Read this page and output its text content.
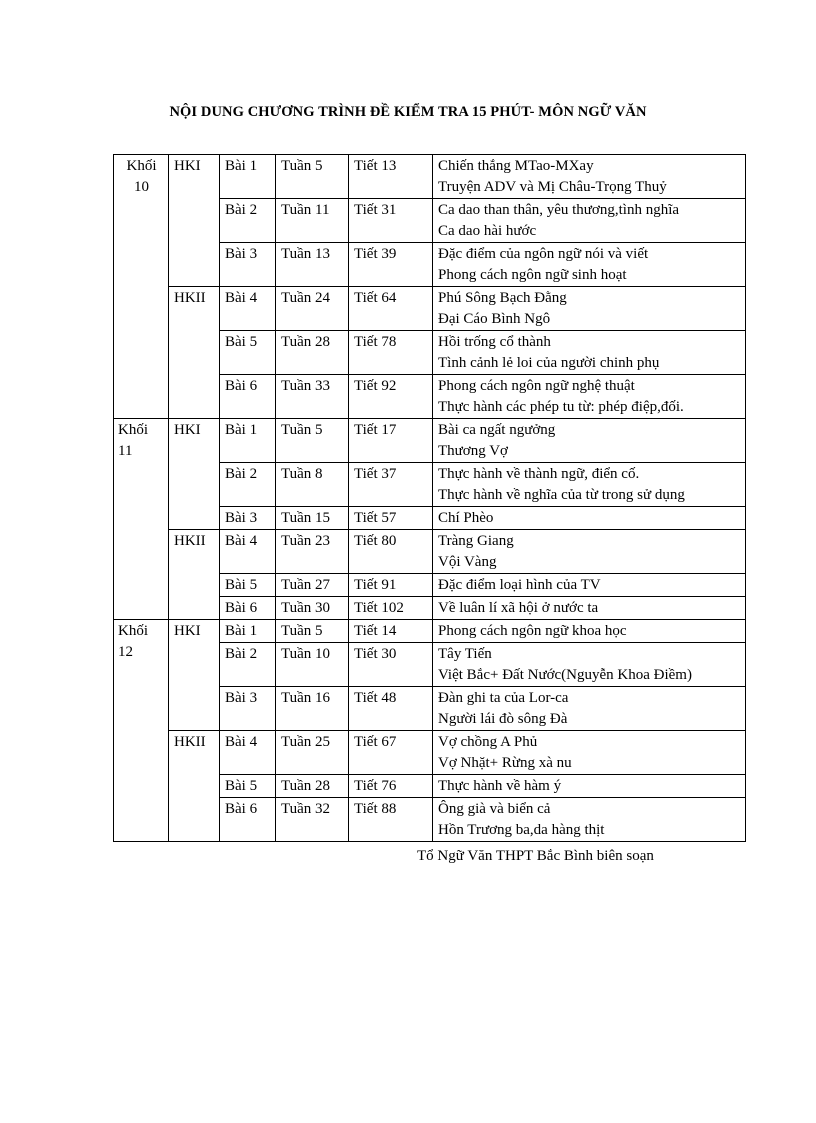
NỘI DUNG CHƯƠNG TRÌNH ĐỀ KIỂM TRA 15 PHÚT- MÔN NGỮ VĂN
Khối 10	HKI	Bài 1	Tuần 5	Tiết 13	Chiến thắng MTao-MXay
Truyện ADV và Mị Châu-Trọng Thuỷ

		Bài 2	Tuần 11	Tiết 31	Ca dao than thân, yêu thương,tình nghĩa
Ca dao hài hước

		Bài 3	Tuần 13	Tiết 39	Đặc điểm của ngôn ngữ nói và viết
Phong cách ngôn ngữ sinh hoạt

	HKII	Bài 4	Tuần 24	Tiết 64	Phú Sông Bạch Đằng
Đại Cáo Bình Ngô

		Bài 5	Tuần 28	Tiết 78	Hồi trống cổ thành
Tình cảnh lẻ loi của người chinh phụ

		Bài 6	Tuần 33	Tiết 92	Phong cách ngôn ngữ nghệ thuật
Thực hành các phép tu từ: phép điệp,đối.

Khối 11	HKI	Bài 1	Tuần 5	Tiết 17	Bài ca ngất ngưởng
Thương Vợ

		Bài 2	Tuần 8	Tiết 37	Thực hành về thành ngữ, điển cố.
Thực hành về nghĩa của từ trong sử dụng

		Bài 3	Tuần 15	Tiết 57	Chí Phèo

	HKII	Bài 4	Tuần 23	Tiết 80	Tràng Giang
Vội Vàng

		Bài 5	Tuần 27	Tiết 91	Đặc điểm loại hình của TV

		Bài 6	Tuần 30	Tiết 102	Về luân lí xã hội ở nước ta

Khối 12	HKI	Bài 1	Tuần 5	Tiết 14	Phong cách ngôn ngữ khoa học

		Bài 2	Tuần 10	Tiết 30	Tây Tiến
Việt Bắc+ Đất Nước(Nguyễn Khoa Điềm)

		Bài 3	Tuần 16	Tiết 48	Đàn ghi ta của Lor-ca
Người lái đò sông Đà

	HKII	Bài 4	Tuần 25	Tiết 67	Vợ chồng A Phủ
Vợ Nhặt+ Rừng xà nu

		Bài 5	Tuần 28	Tiết 76	Thực hành về hàm ý

		Bài 6	Tuần 32	Tiết 88	Ông già và biển cả
Hồn Trương ba,da hàng thịt
Tổ Ngữ Văn THPT Bắc Bình biên soạn
